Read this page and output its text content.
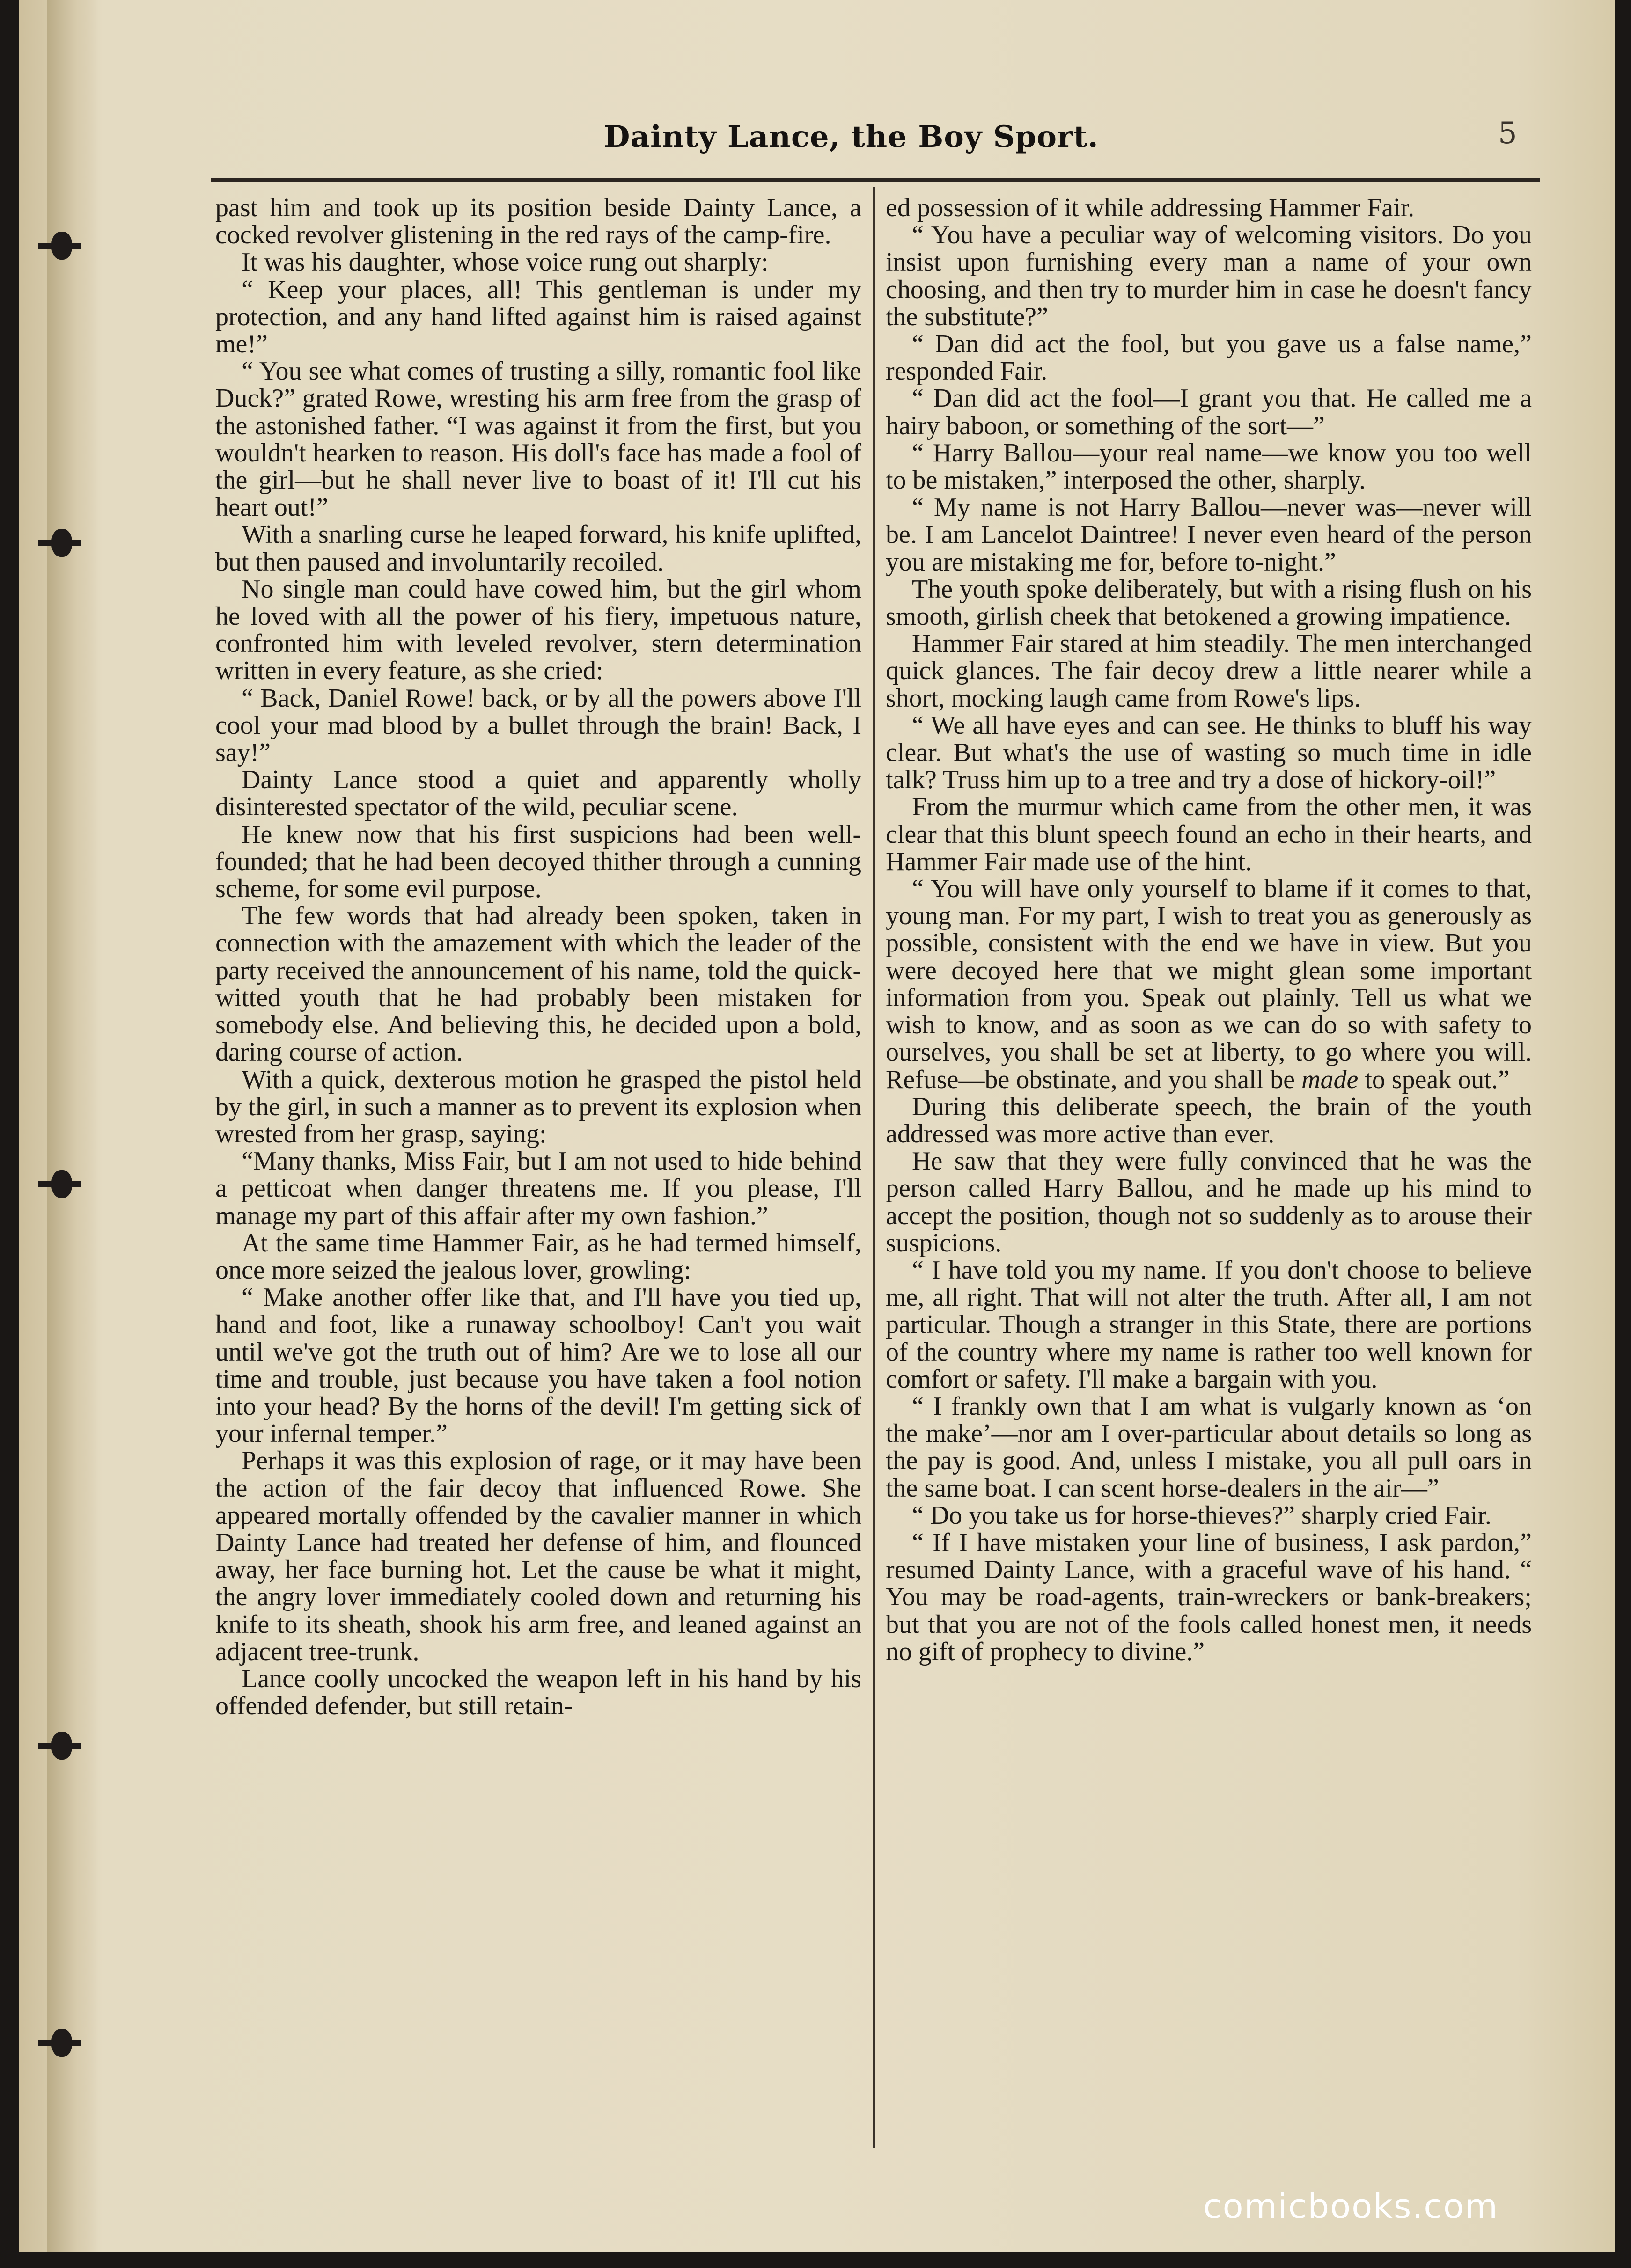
Dainty Lance, the Boy Sport.	5

past him and took up its position beside Dainty Lance, a cocked revolver glistening in the red rays of the camp-fire.

It was his daughter, whose voice rung out sharply:

“ Keep your places, all! This gentleman is under my protection, and any hand lifted against him is raised against me!”

“ You see what comes of trusting a silly, romantic fool like Duck?” grated Rowe, wresting his arm free from the grasp of the astonished father. “I was against it from the first, but you wouldn't hearken to reason. His doll's face has made a fool of the girl—but he shall never live to boast of it! I'll cut his heart out!”

With a snarling curse he leaped forward, his knife uplifted, but then paused and involuntarily recoiled.

No single man could have cowed him, but the girl whom he loved with all the power of his fiery, impetuous nature, confronted him with leveled revolver, stern determination written in every feature, as she cried:

“ Back, Daniel Rowe! back, or by all the powers above I'll cool your mad blood by a bullet through the brain! Back, I say!”

Dainty Lance stood a quiet and apparently wholly disinterested spectator of the wild, peculiar scene.

He knew now that his first suspicions had been well-founded; that he had been decoyed thither through a cunning scheme, for some evil purpose.

The few words that had already been spoken, taken in connection with the amazement with which the leader of the party received the announcement of his name, told the quick-witted youth that he had probably been mistaken for somebody else. And believing this, he decided upon a bold, daring course of action.

With a quick, dexterous motion he grasped the pistol held by the girl, in such a manner as to prevent its explosion when wrested from her grasp, saying:

“Many thanks, Miss Fair, but I am not used to hide behind a petticoat when danger threatens me. If you please, I'll manage my part of this affair after my own fashion.”

At the same time Hammer Fair, as he had termed himself, once more seized the jealous lover, growling:

“ Make another offer like that, and I'll have you tied up, hand and foot, like a runaway schoolboy! Can't you wait until we've got the truth out of him? Are we to lose all our time and trouble, just because you have taken a fool notion into your head? By the horns of the devil! I'm getting sick of your infernal temper.”

Perhaps it was this explosion of rage, or it may have been the action of the fair decoy that influenced Rowe. She appeared mortally offended by the cavalier manner in which Dainty Lance had treated her defense of him, and flounced away, her face burning hot. Let the cause be what it might, the angry lover immediately cooled down and returning his knife to its sheath, shook his arm free, and leaned against an adjacent tree-trunk.

Lance coolly uncocked the weapon left in his hand by his offended defender, but still retain-

ed possession of it while addressing Hammer Fair.

“ You have a peculiar way of welcoming visitors. Do you insist upon furnishing every man a name of your own choosing, and then try to murder him in case he doesn't fancy the substitute?”

“ Dan did act the fool, but you gave us a false name,” responded Fair.

“ Dan did act the fool—I grant you that. He called me a hairy baboon, or something of the sort—”

“ Harry Ballou—your real name—we know you too well to be mistaken,” interposed the other, sharply.

“ My name is not Harry Ballou—never was—never will be. I am Lancelot Daintree! I never even heard of the person you are mistaking me for, before to-night.”

The youth spoke deliberately, but with a rising flush on his smooth, girlish cheek that betokened a growing impatience.

Hammer Fair stared at him steadily. The men interchanged quick glances. The fair decoy drew a little nearer while a short, mocking laugh came from Rowe's lips.

“ We all have eyes and can see. He thinks to bluff his way clear. But what's the use of wasting so much time in idle talk? Truss him up to a tree and try a dose of hickory-oil!”

From the murmur which came from the other men, it was clear that this blunt speech found an echo in their hearts, and Hammer Fair made use of the hint.

“ You will have only yourself to blame if it comes to that, young man. For my part, I wish to treat you as generously as possible, consistent with the end we have in view. But you were decoyed here that we might glean some important information from you. Speak out plainly. Tell us what we wish to know, and as soon as we can do so with safety to ourselves, you shall be set at liberty, to go where you will. Refuse—be obstinate, and you shall be made to speak out.”

During this deliberate speech, the brain of the youth addressed was more active than ever.

He saw that they were fully convinced that he was the person called Harry Ballou, and he made up his mind to accept the position, though not so suddenly as to arouse their suspicions.

“ I have told you my name. If you don't choose to believe me, all right. That will not alter the truth. After all, I am not particular. Though a stranger in this State, there are portions of the country where my name is rather too well known for comfort or safety. I'll make a bargain with you.

“ I frankly own that I am what is vulgarly known as ‘on the make’—nor am I over-particular about details so long as the pay is good. And, unless I mistake, you all pull oars in the same boat. I can scent horse-dealers in the air—”

“ Do you take us for horse-thieves?” sharply cried Fair.

“ If I have mistaken your line of business, I ask pardon,” resumed Dainty Lance, with a graceful wave of his hand. “ You may be road-agents, train-wreckers or bank-breakers; but that you are not of the fools called honest men, it needs no gift of prophecy to divine.”

comicbooks.com
